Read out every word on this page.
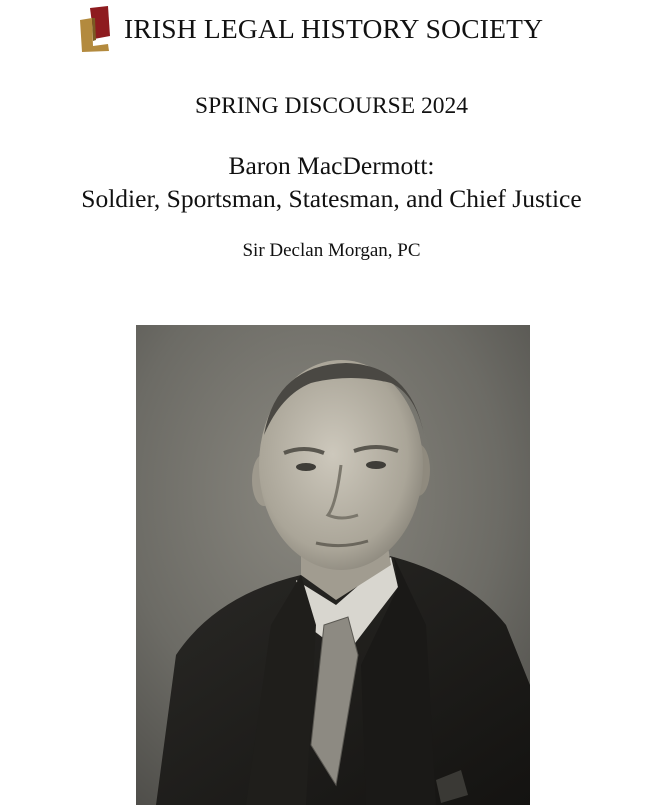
IRISH LEGAL HISTORY SOCIETY
SPRING DISCOURSE 2024
Baron MacDermott:
Soldier, Sportsman, Statesman, and Chief Justice
Sir Declan Morgan, PC
